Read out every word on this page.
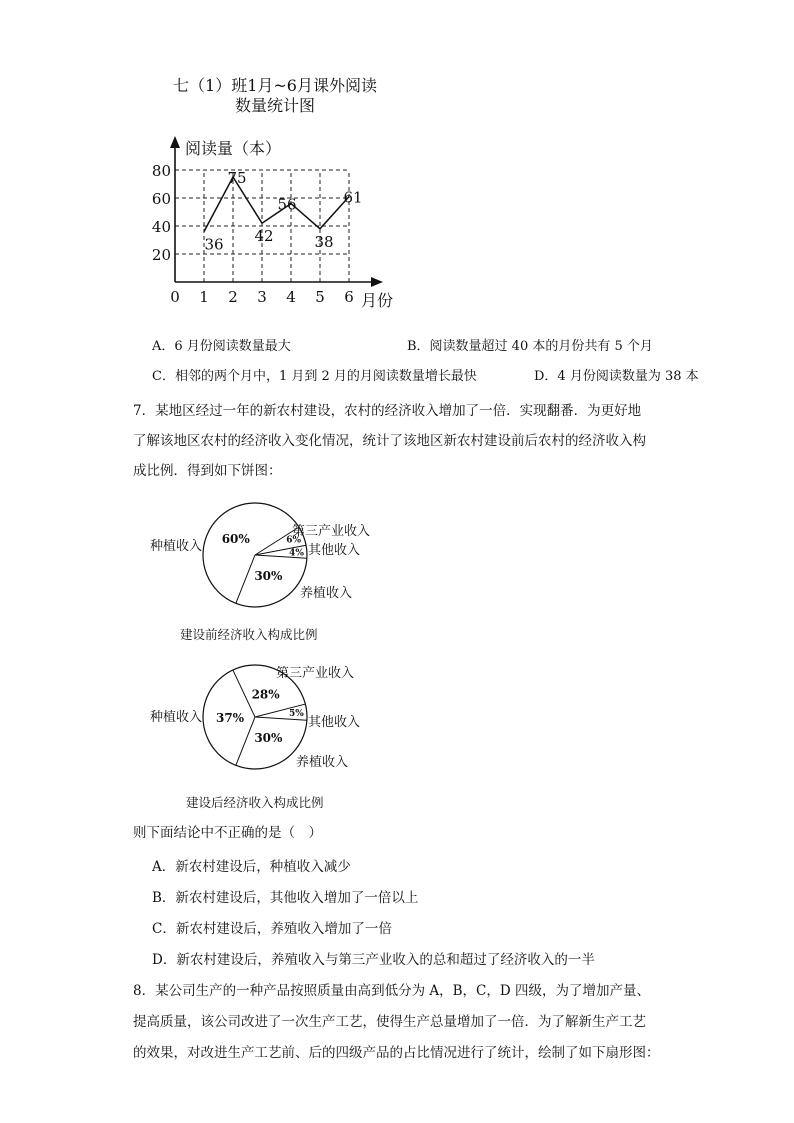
七（1）班1月~6月课外阅读
数量统计图
阅读量（本）
月份
0 1 2 3 4 5 6
20
40
60
80
36
75
42
56
38
61
A．6 月份阅读数量最大	B．阅读数量超过 40 本的月份共有 5 个月
C．相邻的两个月中，1 月到 2 月的月阅读数量增长最快	D．4 月份阅读数量为 38 本
7．某地区经过一年的新农村建设，农村的经济收入增加了一倍．实现翻番．为更好地
了解该地区农村的经济收入变化情况，统计了该地区新农村建设前后农村的经济收入构
成比例．得到如下饼图：
60%	6%
4%
30%
种植收入
第三产业收入
其他收入
养植收入
建设前经济收入构成比例
37%
28%
5%
30%
种植收入
第三产业收入
其他收入
养植收入
建设后经济收入构成比例
则下面结论中不正确的是（　）
A．新农村建设后，种植收入减少
B．新农村建设后，其他收入增加了一倍以上
C．新农村建设后，养殖收入增加了一倍
D．新农村建设后，养殖收入与第三产业收入的总和超过了经济收入的一半
8．某公司生产的一种产品按照质量由高到低分为 A，B，C，D 四级，为了增加产量、
提高质量，该公司改进了一次生产工艺，使得生产总量增加了一倍．为了解新生产工艺
的效果，对改进生产工艺前、后的四级产品的占比情况进行了统计，绘制了如下扇形图：
